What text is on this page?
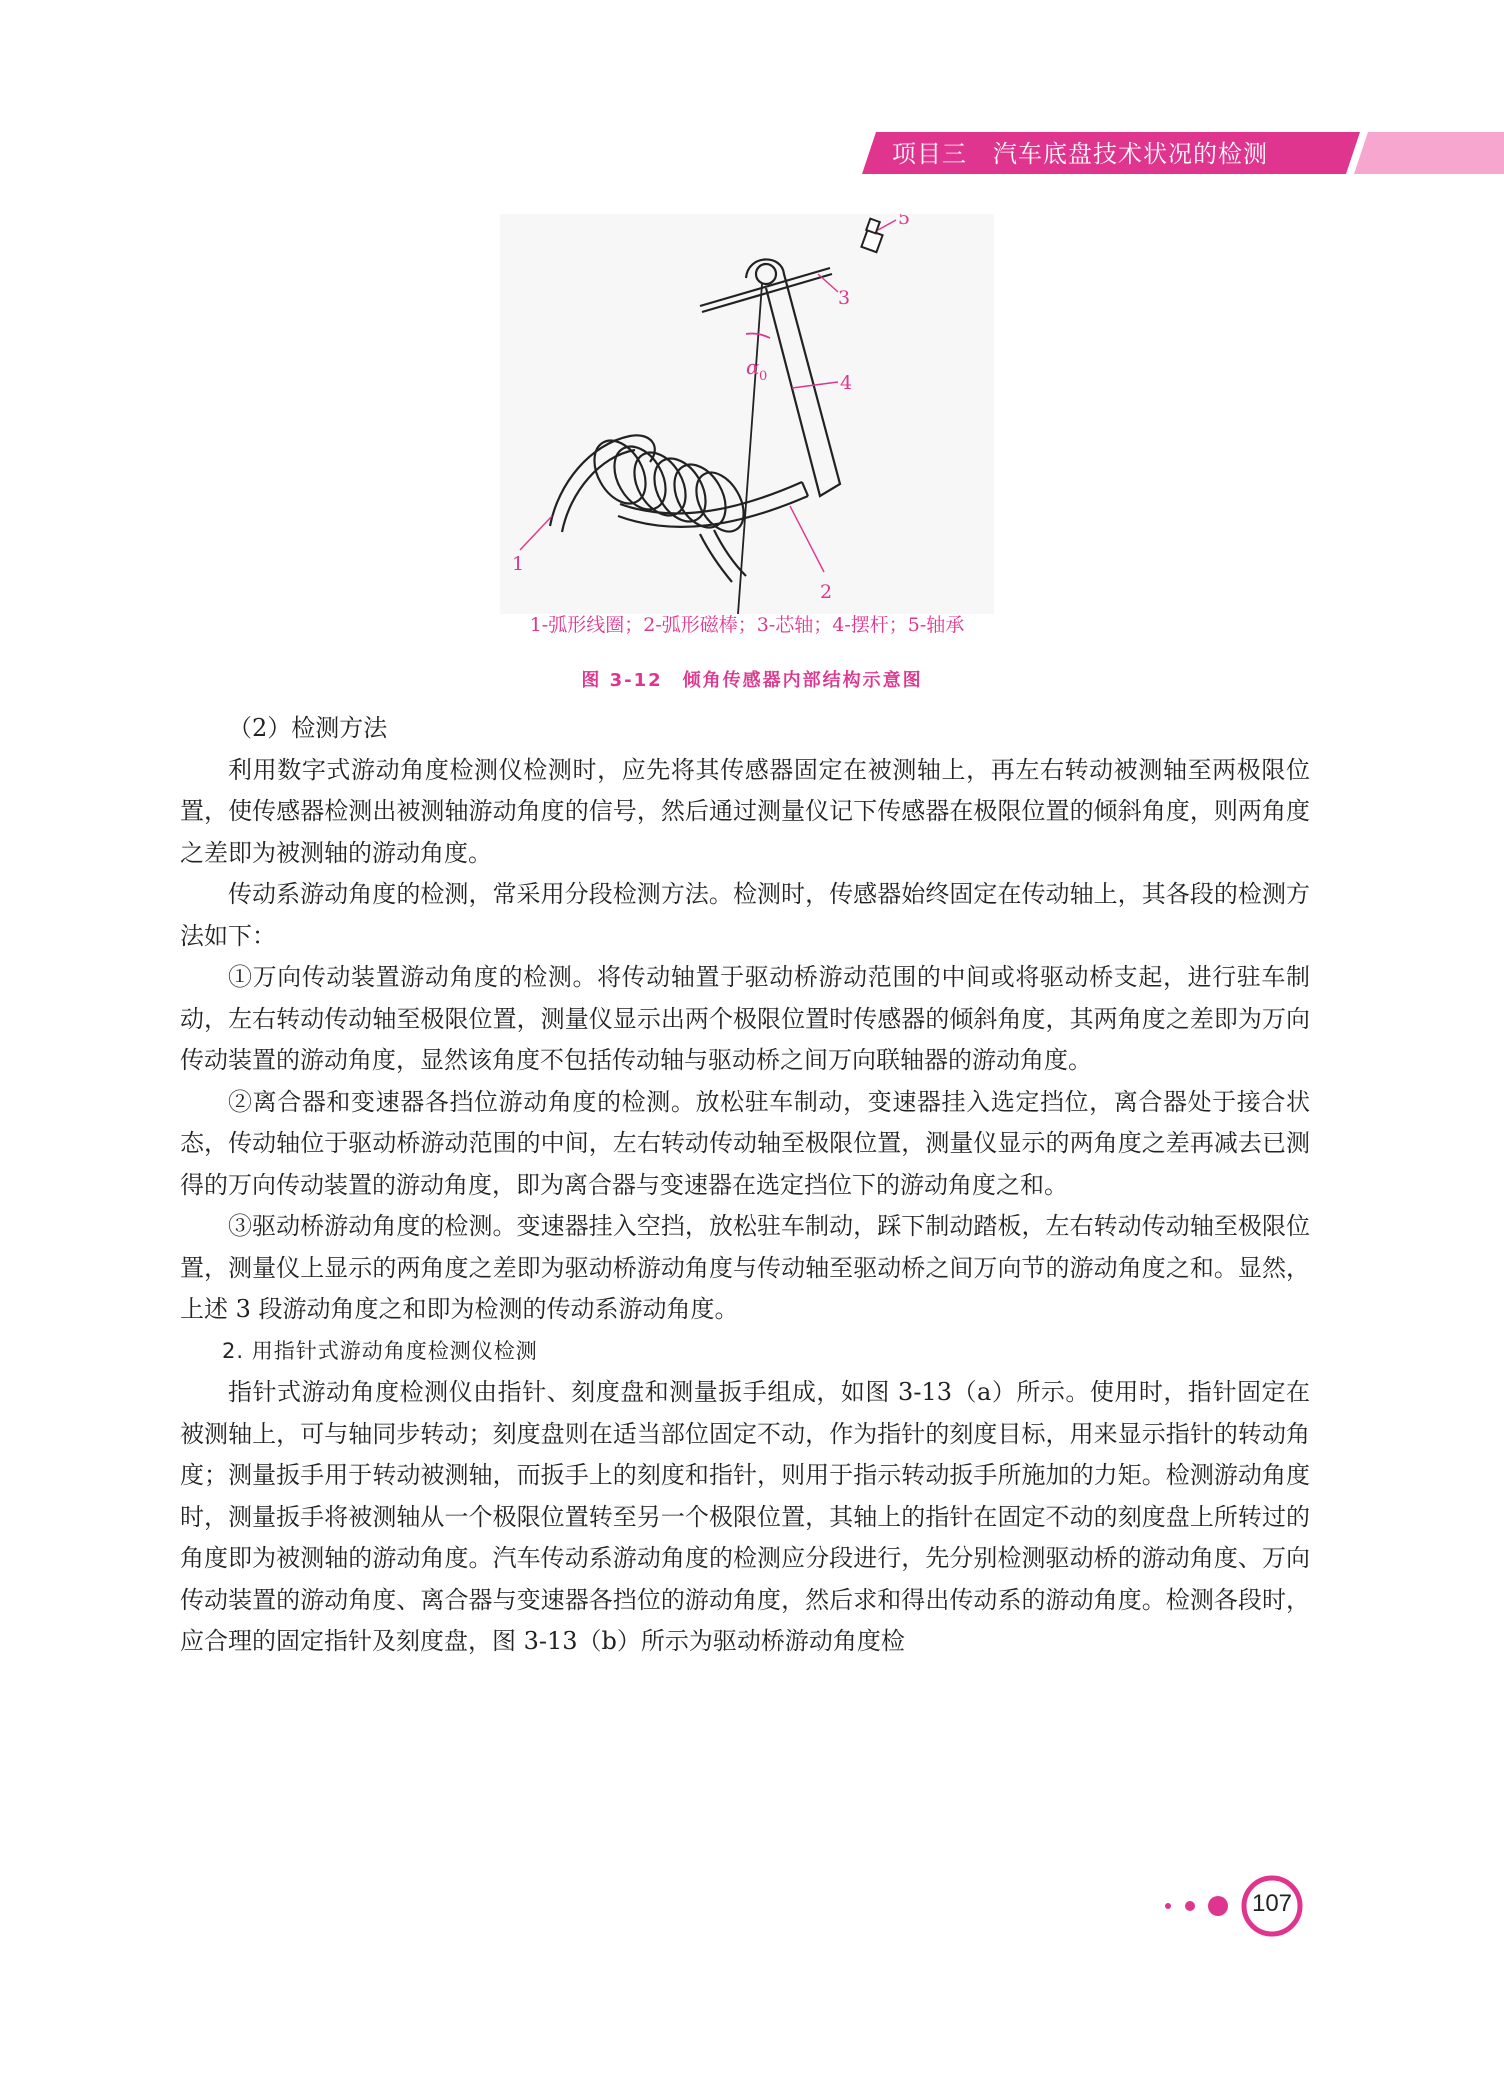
项目三 汽车底盘技术状况的检测
α 0
1
2
3
4
5
1-弧形线圈；2-弧形磁棒；3-芯轴；4-摆杆；5-轴承
图 3-12　倾角传感器内部结构示意图

（2）检测方法

利用数字式游动角度检测仪检测时，应先将其传感器固定在被测轴上，再左右转动被测轴至两极限位置，使传感器检测出被测轴游动角度的信号，然后通过测量仪记下传感器在极限位置的倾斜角度，则两角度之差即为被测轴的游动角度。

传动系游动角度的检测，常采用分段检测方法。检测时，传感器始终固定在传动轴上，其各段的检测方法如下：

①万向传动装置游动角度的检测。将传动轴置于驱动桥游动范围的中间或将驱动桥支起，进行驻车制动，左右转动传动轴至极限位置，测量仪显示出两个极限位置时传感器的倾斜角度，其两角度之差即为万向传动装置的游动角度，显然该角度不包括传动轴与驱动桥之间万向联轴器的游动角度。

②离合器和变速器各挡位游动角度的检测。放松驻车制动，变速器挂入选定挡位，离合器处于接合状态，传动轴位于驱动桥游动范围的中间，左右转动传动轴至极限位置，测量仪显示的两角度之差再减去已测得的万向传动装置的游动角度，即为离合器与变速器在选定挡位下的游动角度之和。

③驱动桥游动角度的检测。变速器挂入空挡，放松驻车制动，踩下制动踏板，左右转动传动轴至极限位置，测量仪上显示的两角度之差即为驱动桥游动角度与传动轴至驱动桥之间万向节的游动角度之和。显然，上述 3 段游动角度之和即为检测的传动系游动角度。

2. 用指针式游动角度检测仪检测

指针式游动角度检测仪由指针、刻度盘和测量扳手组成，如图 3-13（a）所示。使用时，指针固定在被测轴上，可与轴同步转动；刻度盘则在适当部位固定不动，作为指针的刻度目标，用来显示指针的转动角度；测量扳手用于转动被测轴，而扳手上的刻度和指针，则用于指示转动扳手所施加的力矩。检测游动角度时，测量扳手将被测轴从一个极限位置转至另一个极限位置，其轴上的指针在固定不动的刻度盘上所转过的角度即为被测轴的游动角度。汽车传动系游动角度的检测应分段进行，先分别检测驱动桥的游动角度、万向传动装置的游动角度、离合器与变速器各挡位的游动角度，然后求和得出传动系的游动角度。检测各段时，应合理的固定指针及刻度盘，图 3-13（b）所示为驱动桥游动角度检

107
